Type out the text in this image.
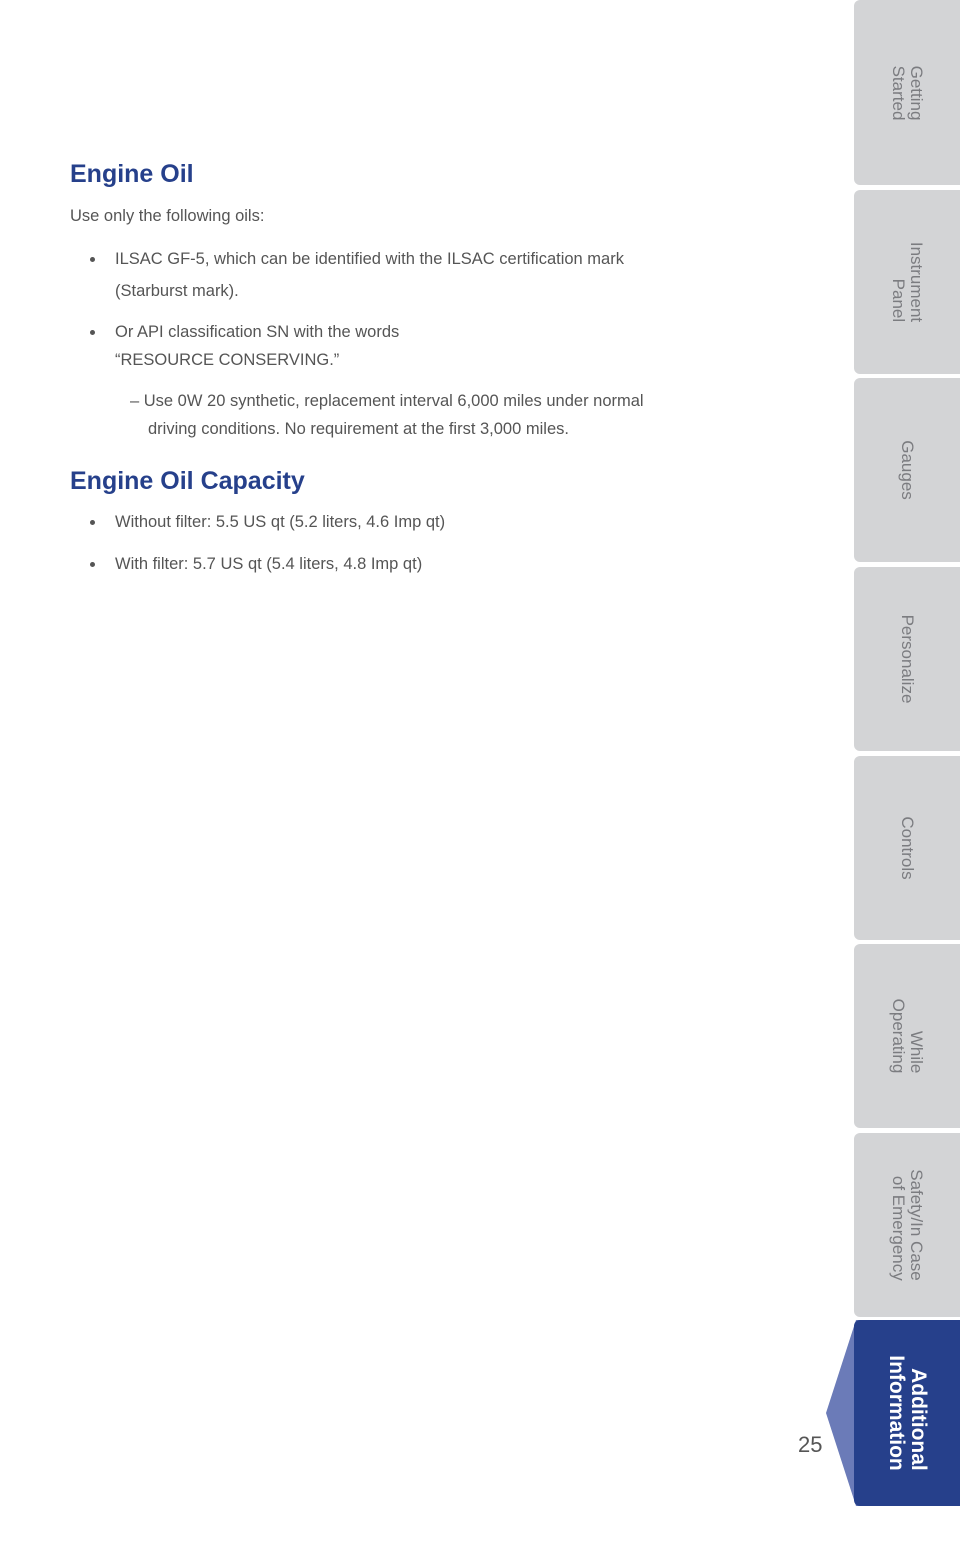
Engine Oil
Use only the following oils:
ILSAC GF-5, which can be identified with the ILSAC certification mark
(Starburst mark).
Or API classification SN with the words
“RESOURCE CONSERVING.”
– Use 0W 20 synthetic, replacement interval 6,000 miles under normal
driving conditions. No requirement at the first 3,000 miles.
Engine Oil Capacity
Without filter: 5.5 US qt (5.2 liters, 4.6 Imp qt)
With filter: 5.7 US qt (5.4 liters, 4.8 Imp qt)
Getting
Started
Instrument
Panel
Gauges
Personalize
Controls
While
Operating
Safety/In Case
of Emergency
Additional
Information
25
